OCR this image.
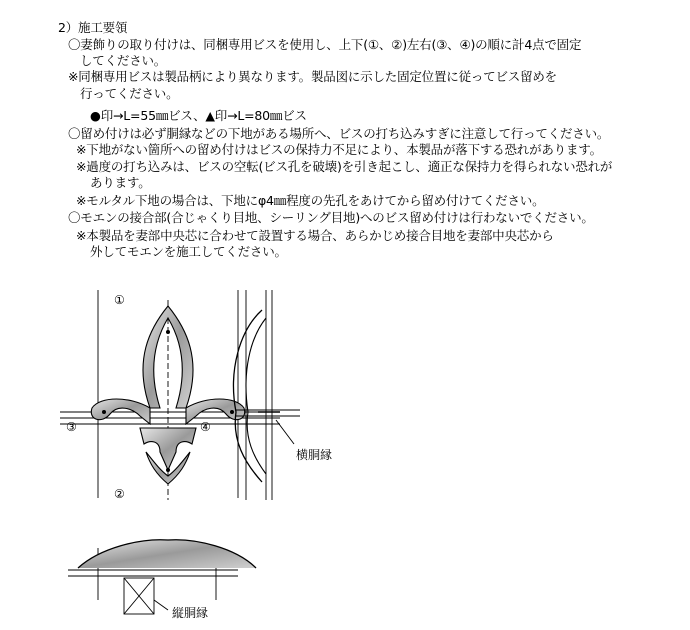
2）施工要領
〇妻飾りの取り付けは、同梱専用ビスを使用し、上下(①、②)左右(③、④)の順に計4点で固定
してください。
※同梱専用ビスは製品柄により異なります。製品図に示した固定位置に従ってビス留めを
行ってください。
●印→L=55㎜ビス、▲印→L=80㎜ビス
〇留め付けは必ず胴縁などの下地がある場所へ、ビスの打ち込みすぎに注意して行ってください。
※下地がない箇所への留め付けはビスの保持力不足により、本製品が落下する恐れがあります。
※過度の打ち込みは、ビスの空転(ビス孔を破壊)を引き起こし、適正な保持力を得られない恐れが
あります。
※モルタル下地の場合は、下地にφ4㎜程度の先孔をあけてから留め付けてください。
〇モエンの接合部(合じゃくり目地、シーリング目地)へのビス留め付けは行わないでください。
※本製品を妻部中央芯に合わせて設置する場合、あらかじめ接合目地を妻部中央芯から
外してモエンを施工してください。
①
②
③	④
横胴縁
縦胴縁
